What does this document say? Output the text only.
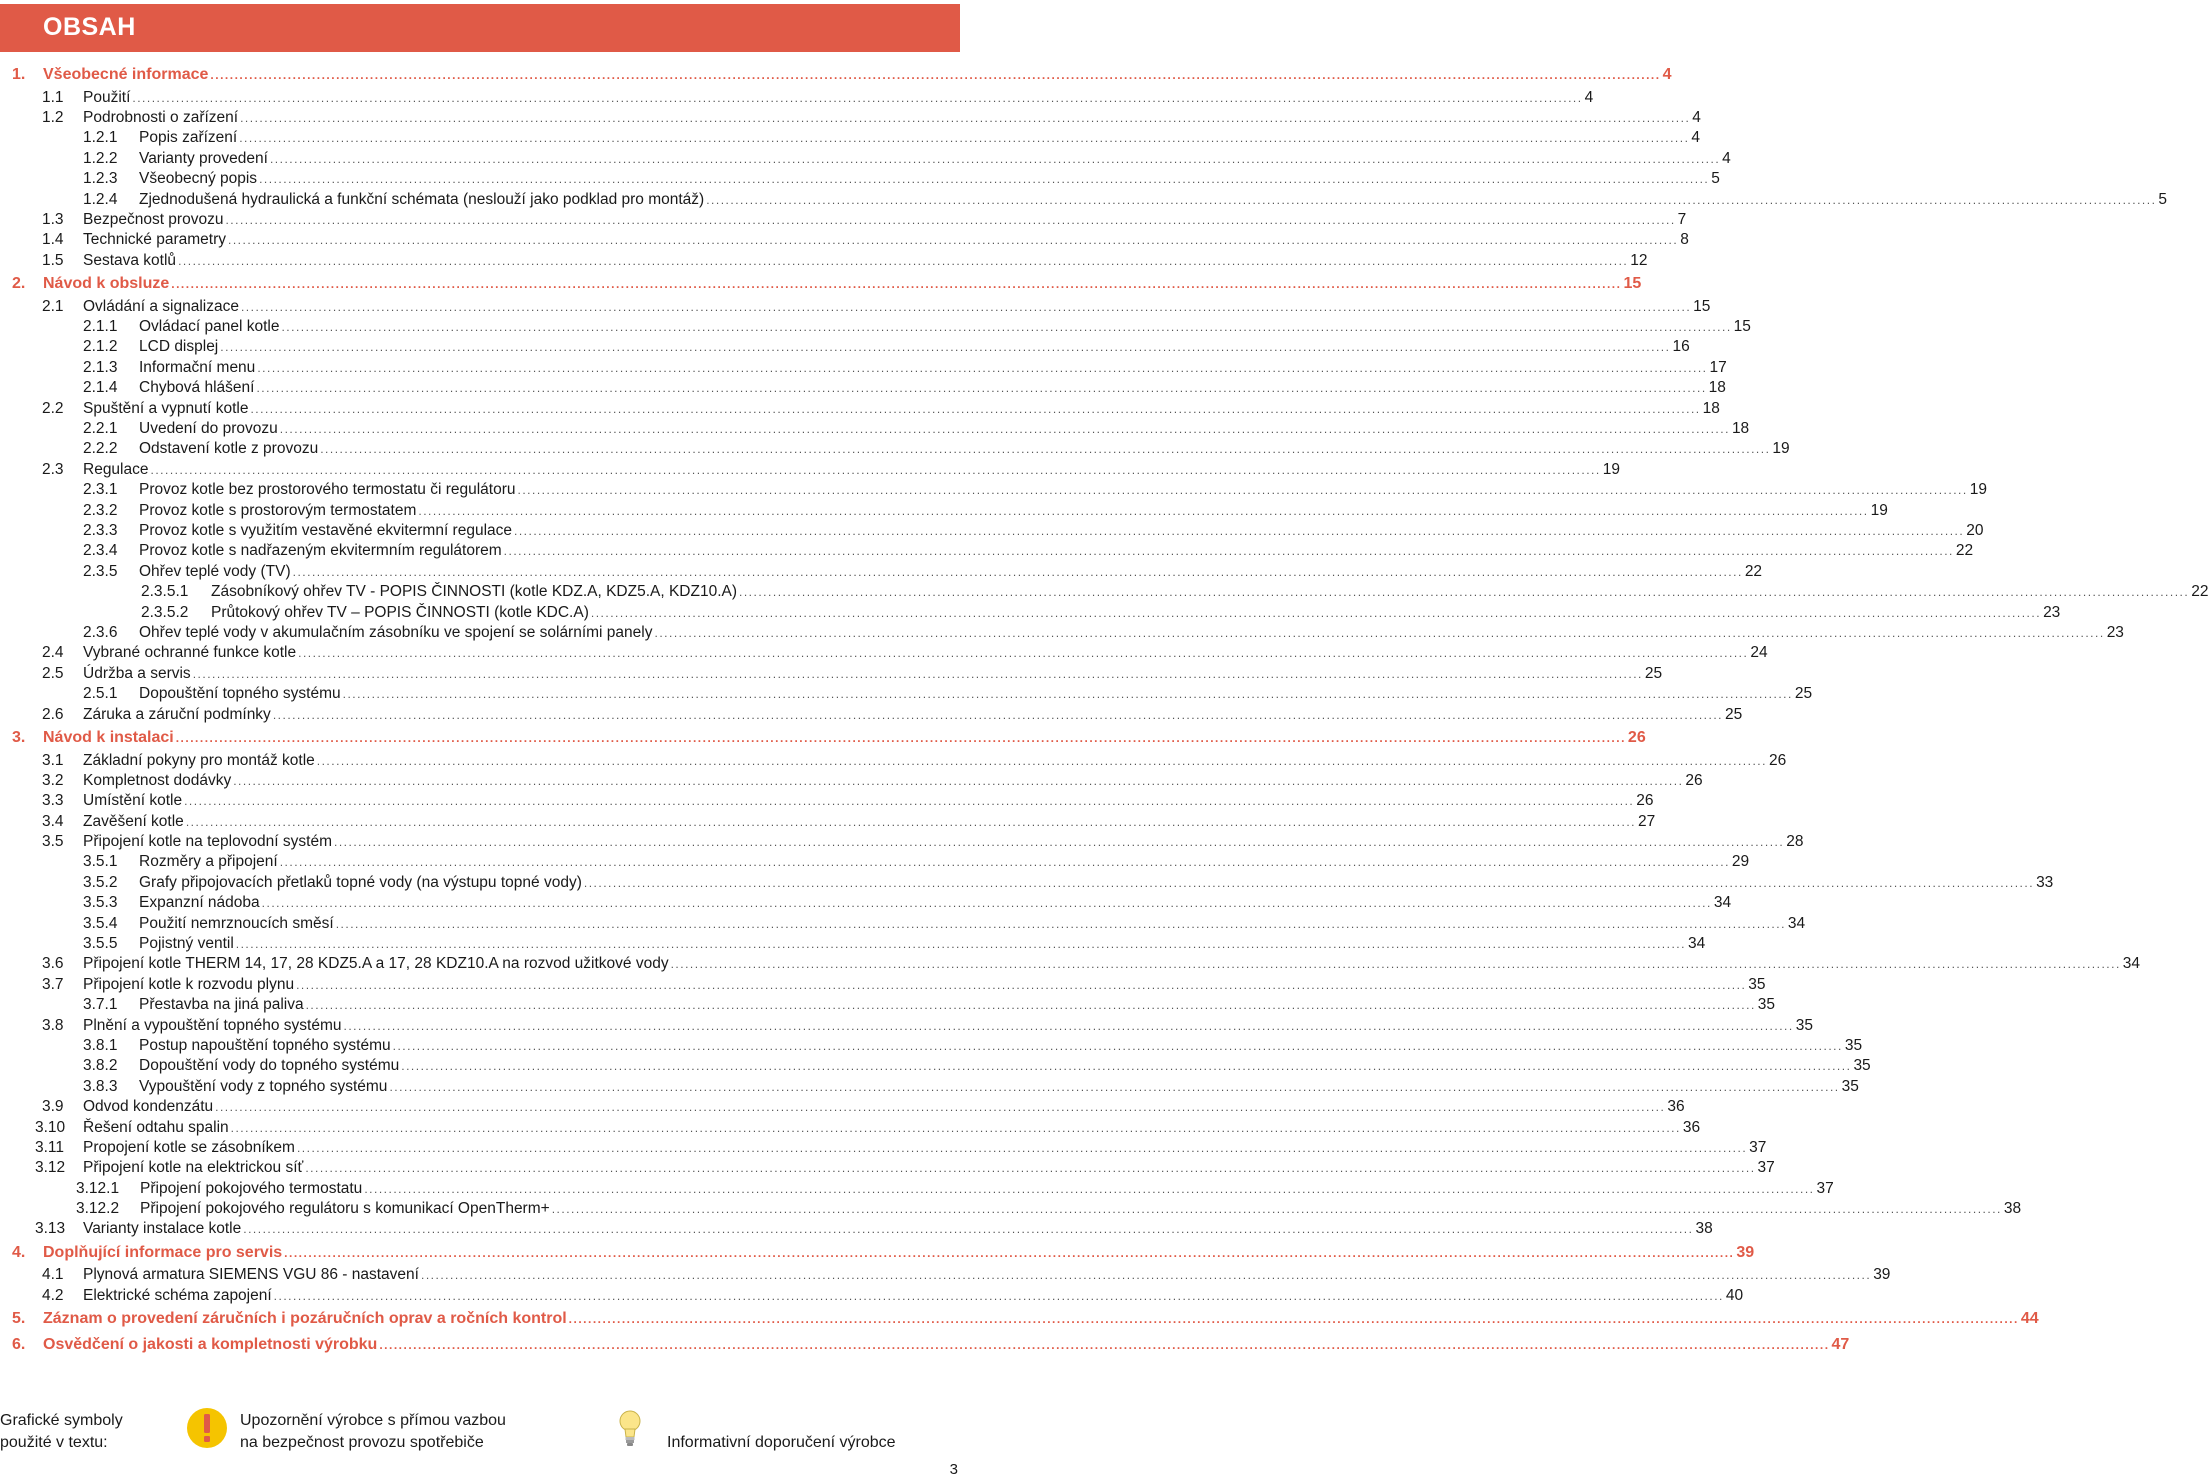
OBSAH
1.	Všeobecné informace ............................................................................................................................................................................................................................................................................................................ 4
1.1	Použití ............................................................................................................................................................................................................................................................................................................ 4
1.2	Podrobnosti o zařízení ............................................................................................................................................................................................................................................................................................................ 4
1.2.1	Popis zařízení ............................................................................................................................................................................................................................................................................................................ 4
1.2.2	Varianty provedení ............................................................................................................................................................................................................................................................................................................ 4
1.2.3	Všeobecný popis ............................................................................................................................................................................................................................................................................................................ 5
1.2.4	Zjednodušená hydraulická a funkční schémata (neslouží jako podklad pro montáž) ............................................................................................................................................................................................................................................................................................................ 5
1.3	Bezpečnost provozu ............................................................................................................................................................................................................................................................................................................ 7
1.4	Technické parametry ............................................................................................................................................................................................................................................................................................................ 8
1.5	Sestava kotlů ............................................................................................................................................................................................................................................................................................................ 12
2.	Návod k obsluze ............................................................................................................................................................................................................................................................................................................ 15
2.1	Ovládání a signalizace ............................................................................................................................................................................................................................................................................................................ 15
2.1.1	Ovládací panel kotle ............................................................................................................................................................................................................................................................................................................ 15
2.1.2	LCD displej ............................................................................................................................................................................................................................................................................................................ 16
2.1.3	Informační menu ............................................................................................................................................................................................................................................................................................................ 17
2.1.4	Chybová hlášení ............................................................................................................................................................................................................................................................................................................ 18
2.2	Spuštění a vypnutí kotle ............................................................................................................................................................................................................................................................................................................ 18
2.2.1	Uvedení do provozu ............................................................................................................................................................................................................................................................................................................ 18
2.2.2	Odstavení kotle z provozu ............................................................................................................................................................................................................................................................................................................ 19
2.3	Regulace ............................................................................................................................................................................................................................................................................................................ 19
2.3.1	Provoz kotle bez prostorového termostatu či regulátoru ............................................................................................................................................................................................................................................................................................................ 19
2.3.2	Provoz kotle s prostorovým termostatem ............................................................................................................................................................................................................................................................................................................ 19
2.3.3	Provoz kotle s využitím vestavěné ekvitermní regulace ............................................................................................................................................................................................................................................................................................................ 20
2.3.4	Provoz kotle s nadřazeným ekvitermním regulátorem ............................................................................................................................................................................................................................................................................................................ 22
2.3.5	Ohřev teplé vody (TV) ............................................................................................................................................................................................................................................................................................................ 22
2.3.5.1	Zásobníkový ohřev TV - POPIS ČINNOSTI (kotle KDZ.A, KDZ5.A, KDZ10.A) ............................................................................................................................................................................................................................................................................................................ 22
2.3.5.2	Průtokový ohřev TV – POPIS ČINNOSTI (kotle KDC.A) ............................................................................................................................................................................................................................................................................................................ 23
2.3.6	Ohřev teplé vody v akumulačním zásobníku ve spojení se solárními panely ............................................................................................................................................................................................................................................................................................................ 23
2.4	Vybrané ochranné funkce kotle ............................................................................................................................................................................................................................................................................................................ 24
2.5	Údržba a servis ............................................................................................................................................................................................................................................................................................................ 25
2.5.1	Dopouštění topného systému ............................................................................................................................................................................................................................................................................................................ 25
2.6	Záruka a záruční podmínky ............................................................................................................................................................................................................................................................................................................ 25
3.	Návod k instalaci ............................................................................................................................................................................................................................................................................................................ 26
3.1	Základní pokyny pro montáž kotle ............................................................................................................................................................................................................................................................................................................ 26
3.2	Kompletnost dodávky ............................................................................................................................................................................................................................................................................................................ 26
3.3	Umístění kotle ............................................................................................................................................................................................................................................................................................................ 26
3.4	Zavěšení kotle ............................................................................................................................................................................................................................................................................................................ 27
3.5	Připojení kotle na teplovodní systém ............................................................................................................................................................................................................................................................................................................ 28
3.5.1	Rozměry a připojení ............................................................................................................................................................................................................................................................................................................ 29
3.5.2	Grafy připojovacích přetlaků topné vody (na výstupu topné vody) ............................................................................................................................................................................................................................................................................................................ 33
3.5.3	Expanzní nádoba ............................................................................................................................................................................................................................................................................................................ 34
3.5.4	Použití nemrznoucích směsí ............................................................................................................................................................................................................................................................................................................ 34
3.5.5	Pojistný ventil ............................................................................................................................................................................................................................................................................................................ 34
3.6	Připojení kotle THERM 14, 17, 28 KDZ5.A a 17, 28 KDZ10.A na rozvod užitkové vody ............................................................................................................................................................................................................................................................................................................ 34
3.7	Připojení kotle k rozvodu plynu ............................................................................................................................................................................................................................................................................................................ 35
3.7.1	Přestavba na jiná paliva ............................................................................................................................................................................................................................................................................................................ 35
3.8	Plnění a vypouštění topného systému ............................................................................................................................................................................................................................................................................................................ 35
3.8.1	Postup napouštění topného systému ............................................................................................................................................................................................................................................................................................................ 35
3.8.2	Dopouštění vody do topného systému ............................................................................................................................................................................................................................................................................................................ 35
3.8.3	Vypouštění vody z topného systému ............................................................................................................................................................................................................................................................................................................ 35
3.9	Odvod kondenzátu ............................................................................................................................................................................................................................................................................................................ 36
3.10	Řešení odtahu spalin ............................................................................................................................................................................................................................................................................................................ 36
3.11	Propojení kotle se zásobníkem ............................................................................................................................................................................................................................................................................................................ 37
3.12	Připojení kotle na elektrickou síť ............................................................................................................................................................................................................................................................................................................ 37
3.12.1	Připojení pokojového termostatu ............................................................................................................................................................................................................................................................................................................ 37
3.12.2	Připojení pokojového regulátoru s komunikací OpenTherm+ ............................................................................................................................................................................................................................................................................................................ 38
3.13	Varianty instalace kotle ............................................................................................................................................................................................................................................................................................................ 38
4.	Doplňující informace pro servis ............................................................................................................................................................................................................................................................................................................ 39
4.1	Plynová armatura SIEMENS VGU 86 - nastavení ............................................................................................................................................................................................................................................................................................................ 39
4.2	Elektrické schéma zapojení ............................................................................................................................................................................................................................................................................................................ 40
5.	Záznam o provedení záručních i pozáručních oprav a ročních kontrol ............................................................................................................................................................................................................................................................................................................ 44
6.	Osvědčení o jakosti a kompletnosti výrobku ............................................................................................................................................................................................................................................................................................................ 47
Grafické symboly
použité v textu:
Upozornění výrobce s přímou vazbou
na bezpečnost provozu spotřebiče	Informativní doporučení výrobce
3
